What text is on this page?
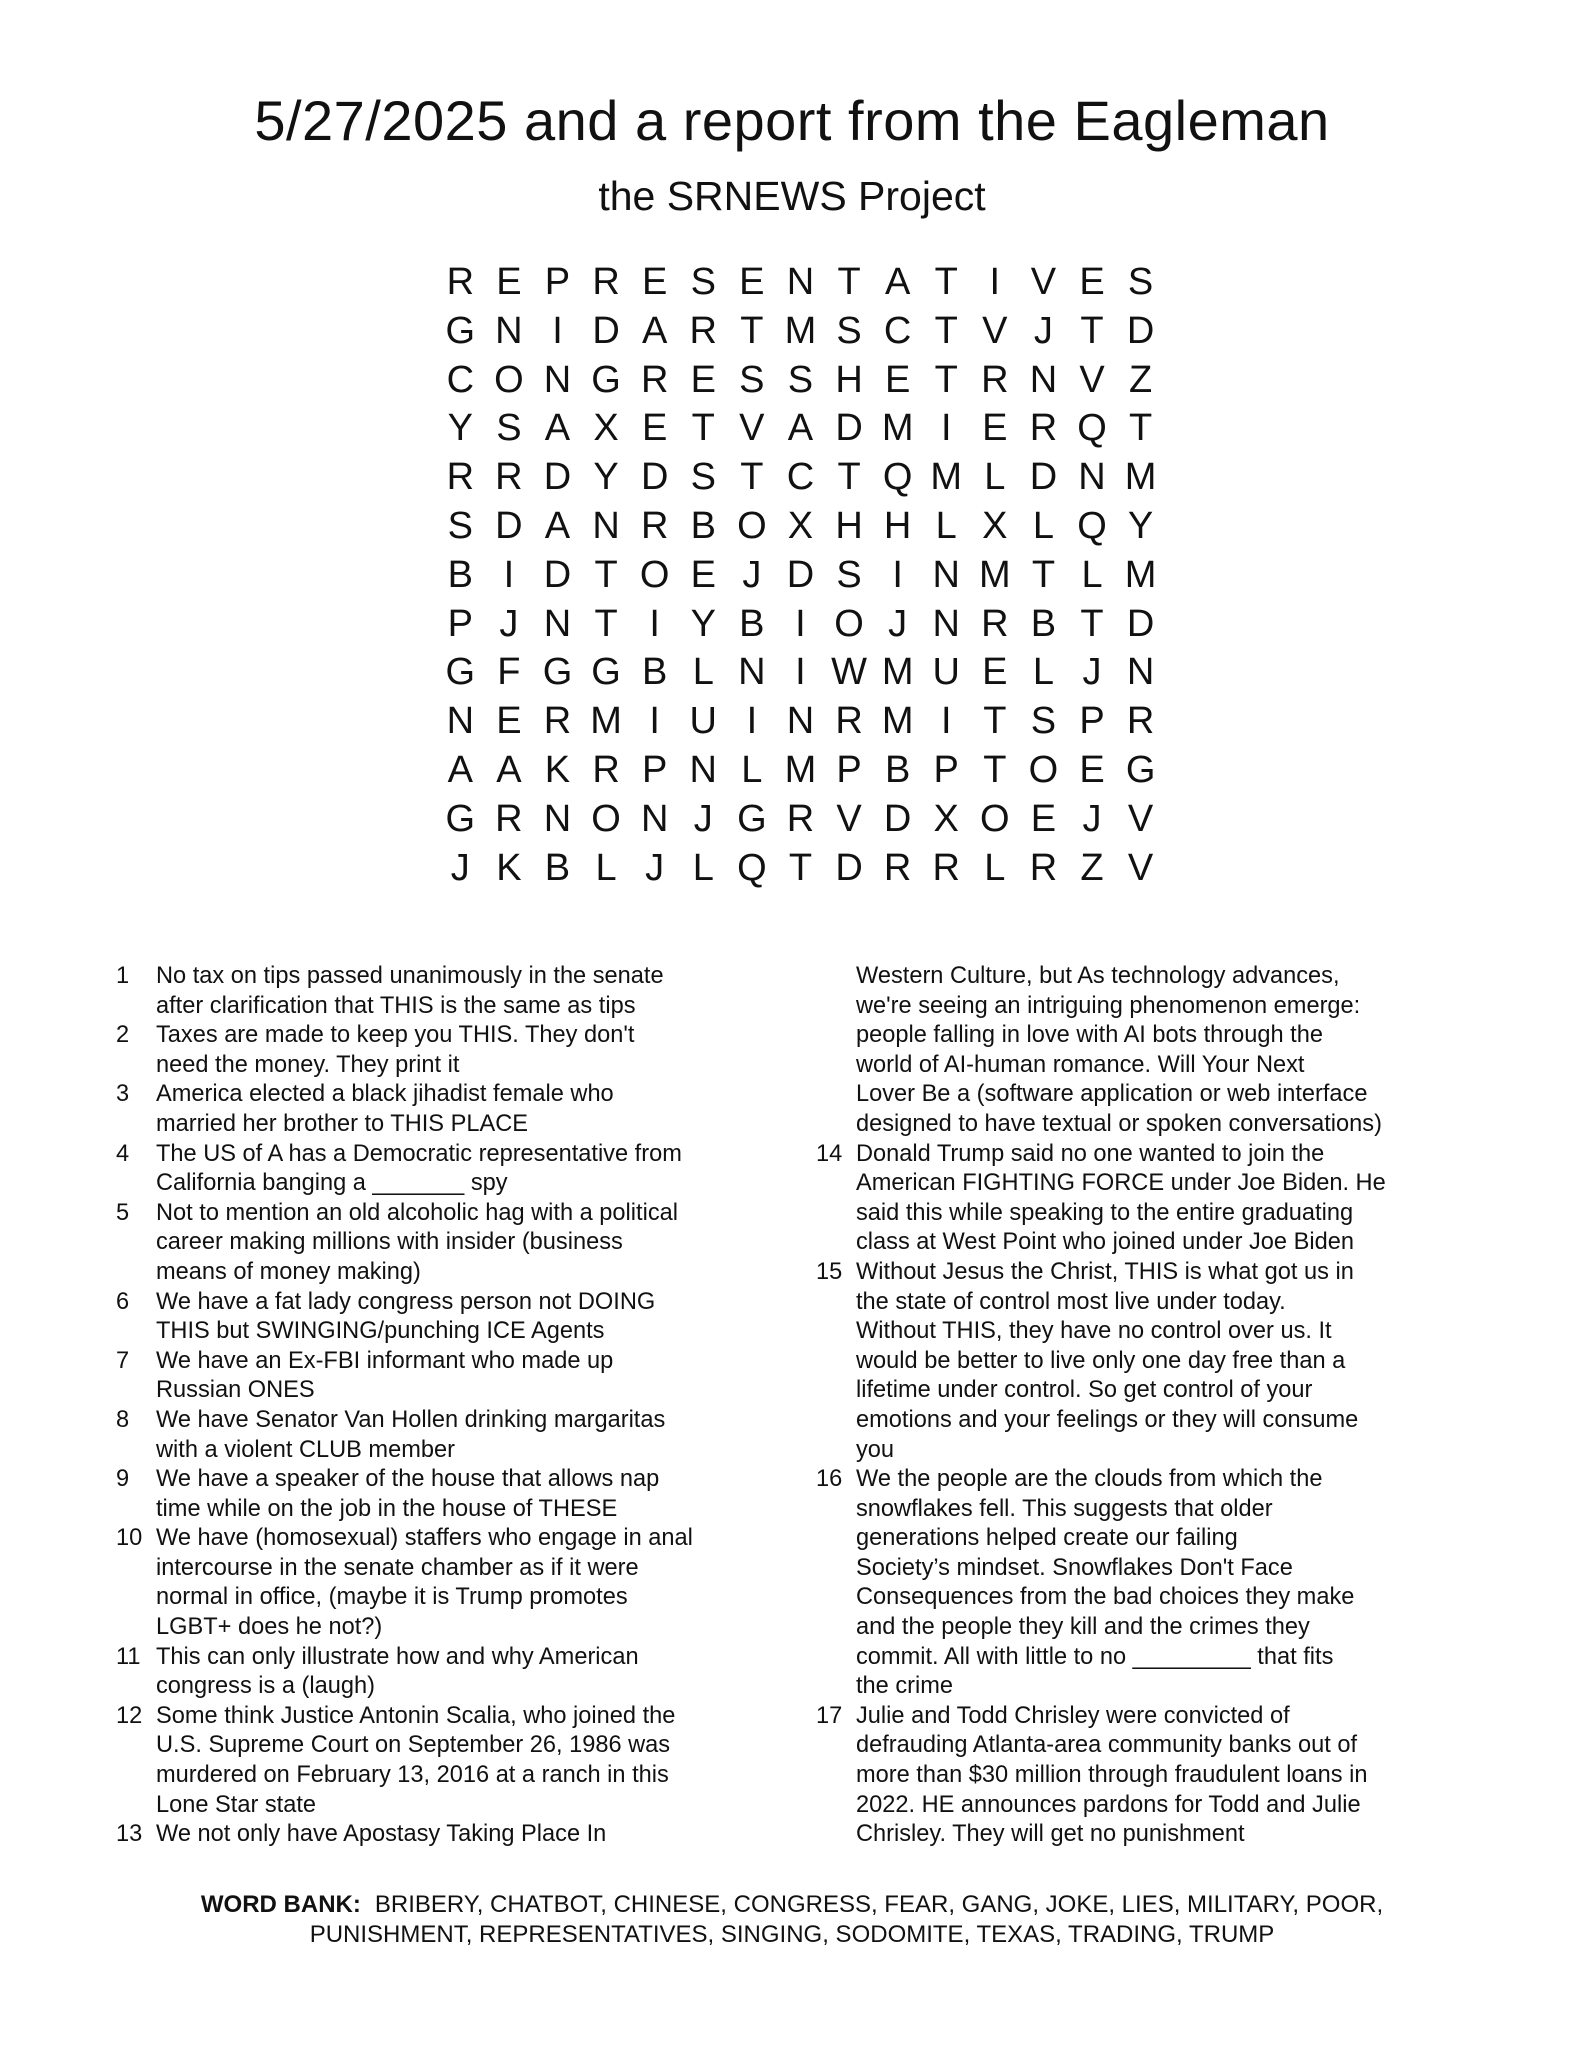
5/27/2025 and a report from the Eagleman
the SRNEWS Project
R E P R E S E N T A T I V E S
G N I D A R T M S C T V J T D
C O N G R E S S H E T R N V Z
Y S A X E T V A D M I E R Q T
R R D Y D S T C T Q M L D N M
S D A N R B O X H H L X L Q Y
B I D T O E J D S I N M T L M
P J N T I Y B I O J N R B T D
G F G G B L N I W M U E L J N
N E R M I U I N R M I T S P R
A A K R P N L M P B P T O E G
G R N O N J G R V D X O E J V
J K B L J L Q T D R R L R Z V
1	No tax on tips passed unanimously in the senate
after clarification that THIS is the same as tips
2	Taxes are made to keep you THIS. They don't
need the money. They print it
3	America elected a black jihadist female who
married her brother to THIS PLACE
4	The US of A has a Democratic representative from
California banging a _______ spy
5	Not to mention an old alcoholic hag with a political
career making millions with insider (business
means of money making)
6	We have a fat lady congress person not DOING
THIS but SWINGING/punching ICE Agents
7	We have an Ex-FBI informant who made up
Russian ONES
8	We have Senator Van Hollen drinking margaritas
with a violent CLUB member
9	We have a speaker of the house that allows nap
time while on the job in the house of THESE
10 We have (homosexual) staffers who engage in anal
intercourse in the senate chamber as if it were
normal in office, (maybe it is Trump promotes
LGBT+ does he not?)
11 This can only illustrate how and why American
congress is a (laugh)
12 Some think Justice Antonin Scalia, who joined the
U.S. Supreme Court on September 26, 1986 was
murdered on February 13, 2016 at a ranch in this
Lone Star state
13 We not only have Apostasy Taking Place In
Western Culture, but As technology advances,
we're seeing an intriguing phenomenon emerge:
people falling in love with AI bots through the
world of AI-human romance. Will Your Next
Lover Be a (software application or web interface
designed to have textual or spoken conversations)
14 Donald Trump said no one wanted to join the
American FIGHTING FORCE under Joe Biden. He
said this while speaking to the entire graduating
class at West Point who joined under Joe Biden
15 Without Jesus the Christ, THIS is what got us in
the state of control most live under today.
Without THIS, they have no control over us. It
would be better to live only one day free than a
lifetime under control. So get control of your
emotions and your feelings or they will consume
you
16 We the people are the clouds from which the
snowflakes fell. This suggests that older
generations helped create our failing
Society’s mindset. Snowflakes Don't Face
Consequences from the bad choices they make
and the people they kill and the crimes they
commit. All with little to no _________ that fits
the crime
17 Julie and Todd Chrisley were convicted of
defrauding Atlanta-area community banks out of
more than $30 million through fraudulent loans in
2022. HE announces pardons for Todd and Julie
Chrisley. They will get no punishment
WORD BANK: BRIBERY, CHATBOT, CHINESE, CONGRESS, FEAR, GANG, JOKE, LIES, MILITARY, POOR,
PUNISHMENT, REPRESENTATIVES, SINGING, SODOMITE, TEXAS, TRADING, TRUMP
